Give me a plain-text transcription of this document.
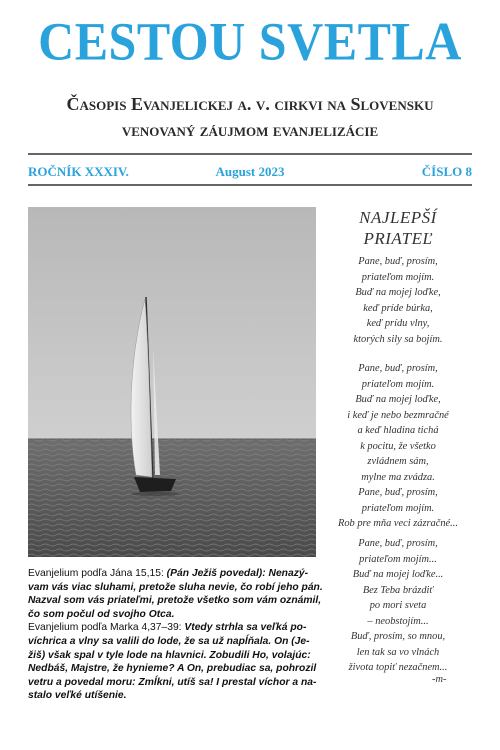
CESTOU SVETLA
Časopis Evanjelickej a. v. cirkvi na Slovensku
venovaný záujmom evanjelizácie
ROČNÍK XXXIV.	August 2023	ČÍSLO 8
Evanjelium podľa Jána 15,15: (Pán Ježiš povedal): Nenazý-
vam vás viac sluhami, pretože sluha nevie, čo robí jeho pán.
Nazval som vás priateľmi, pretože všetko som vám oznámil,
čo som počul od svojho Otca.
Evanjelium podľa Marka 4,37–39: Vtedy strhla sa veľká po-
víchrica a vlny sa valili do lode, že sa už napĺňala. On (Je-
žiš) však spal v tyle lode na hlavnici. Zobudili Ho, volajúc:
Nedbáš, Majstre, že hynieme? A On, prebudiac sa, pohrozil
vetru a povedal moru: Zmĺkni, utíš sa! I prestal víchor a na-
stalo veľké utíšenie.
NAJLEPŠÍ
PRIATEĽ
Pane, buď, prosím,
priateľom mojím.
Buď na mojej loďke,
keď príde búrka,
keď prídu vlny,
ktorých sily sa bojím.
Pane, buď, prosím,
priateľom mojím.
Buď na mojej loďke,
i keď je nebo bezmračné
a keď hladina tichá
k pocitu, že všetko
zvládnem sám,
mylne ma zvádza.
Pane, buď, prosím,
priateľom mojím.
Rob pre mňa veci zázračné...
Pane, buď, prosím,
priateľom mojím...
Buď na mojej loďke...
Bez Teba brázdiť
po mori sveta
– neobstojím...
Buď, prosím, so mnou,
len tak sa vo vlnách
života topiť nezačnem...
-m-
